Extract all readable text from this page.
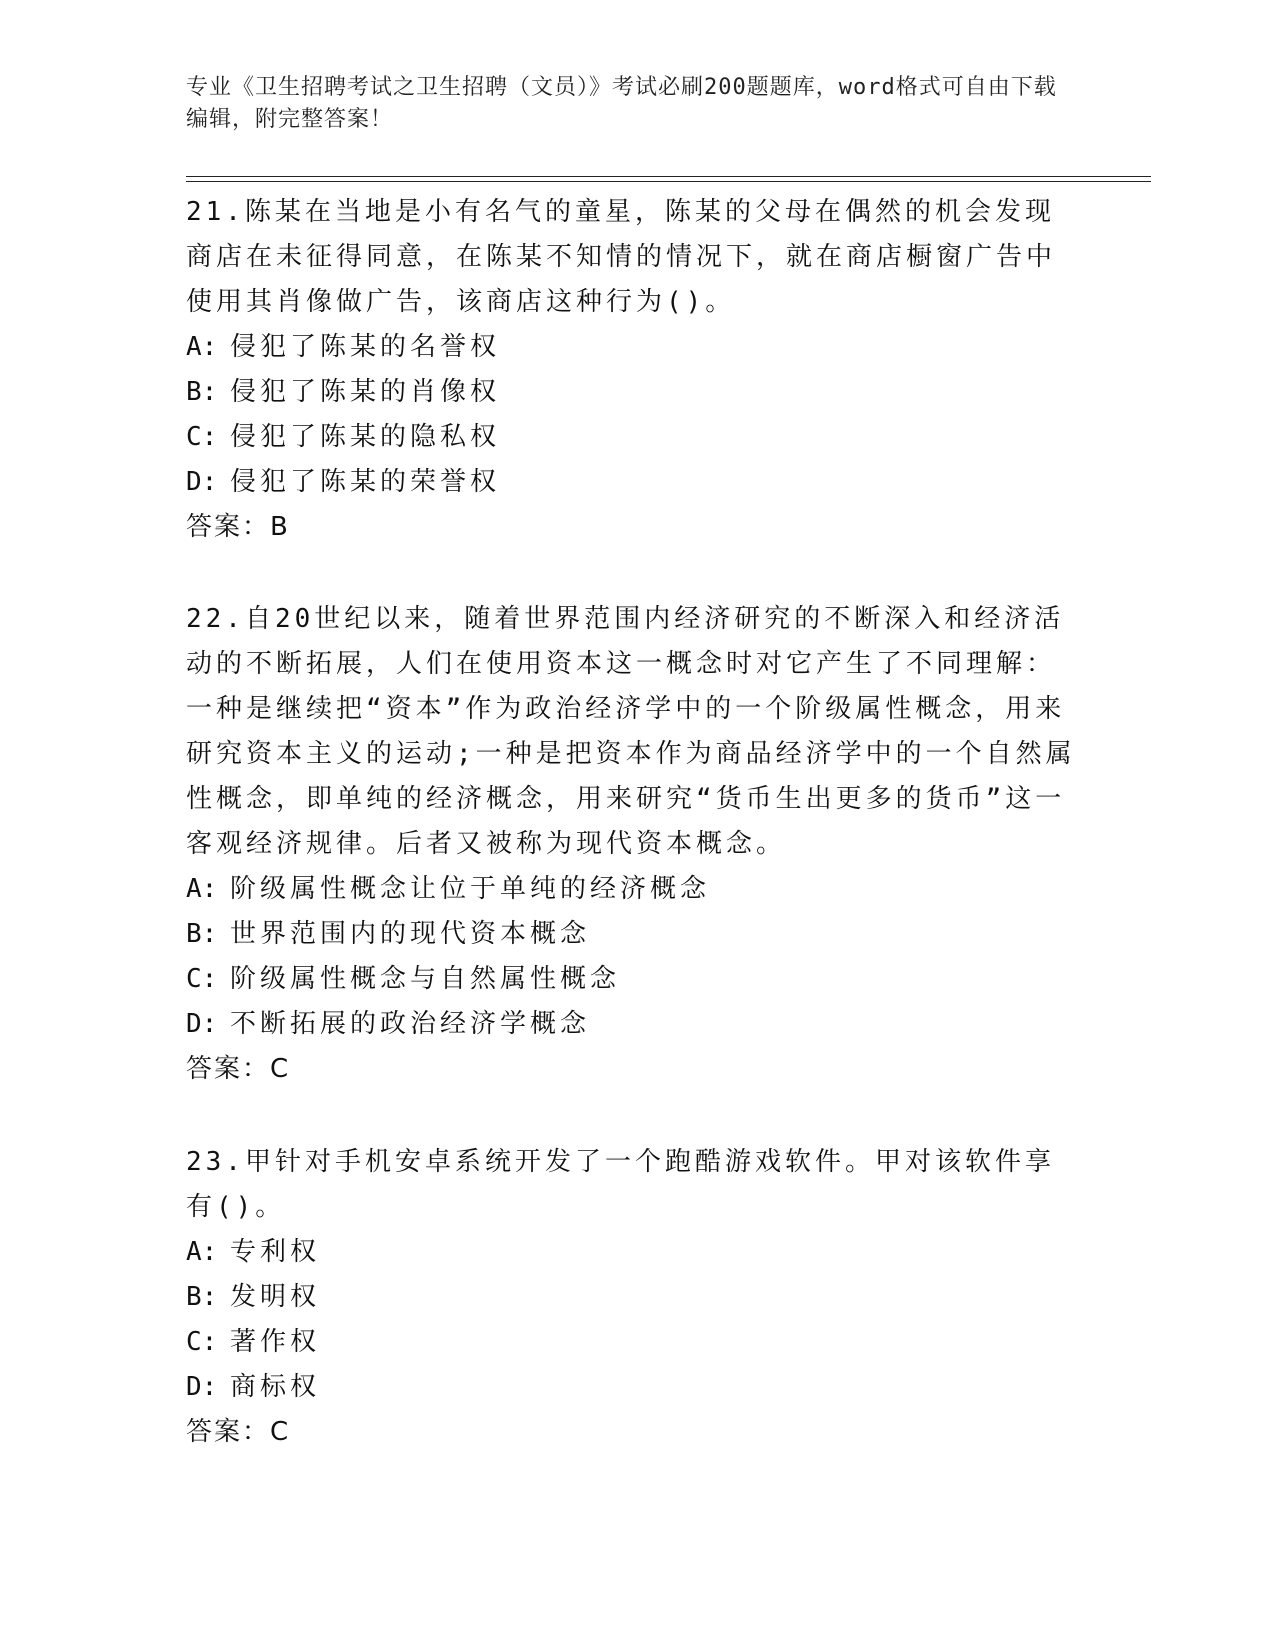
专业《卫生招聘考试之卫生招聘（文员）》考试必刷200题题库，word格式可自由下载编辑，附完整答案！

21.陈某在当地是小有名气的童星，陈某的父母在偶然的机会发现商店在未征得同意，在陈某不知情的情况下，就在商店橱窗广告中使用其肖像做广告，该商店这种行为()。

A: 侵犯了陈某的名誉权
B: 侵犯了陈某的肖像权
C: 侵犯了陈某的隐私权
D: 侵犯了陈某的荣誉权
答案：B

22.自20世纪以来，随着世界范围内经济研究的不断深入和经济活动的不断拓展，人们在使用资本这一概念时对它产生了不同理解：一种是继续把“资本”作为政治经济学中的一个阶级属性概念，用来研究资本主义的运动;一种是把资本作为商品经济学中的一个自然属性概念，即单纯的经济概念，用来研究“货币生出更多的货币”这一客观经济规律。后者又被称为现代资本概念。

A: 阶级属性概念让位于单纯的经济概念
B: 世界范围内的现代资本概念
C: 阶级属性概念与自然属性概念
D: 不断拓展的政治经济学概念
答案：C

23.甲针对手机安卓系统开发了一个跑酷游戏软件。甲对该软件享有()。

A: 专利权
B: 发明权
C: 著作权
D: 商标权
答案：C
